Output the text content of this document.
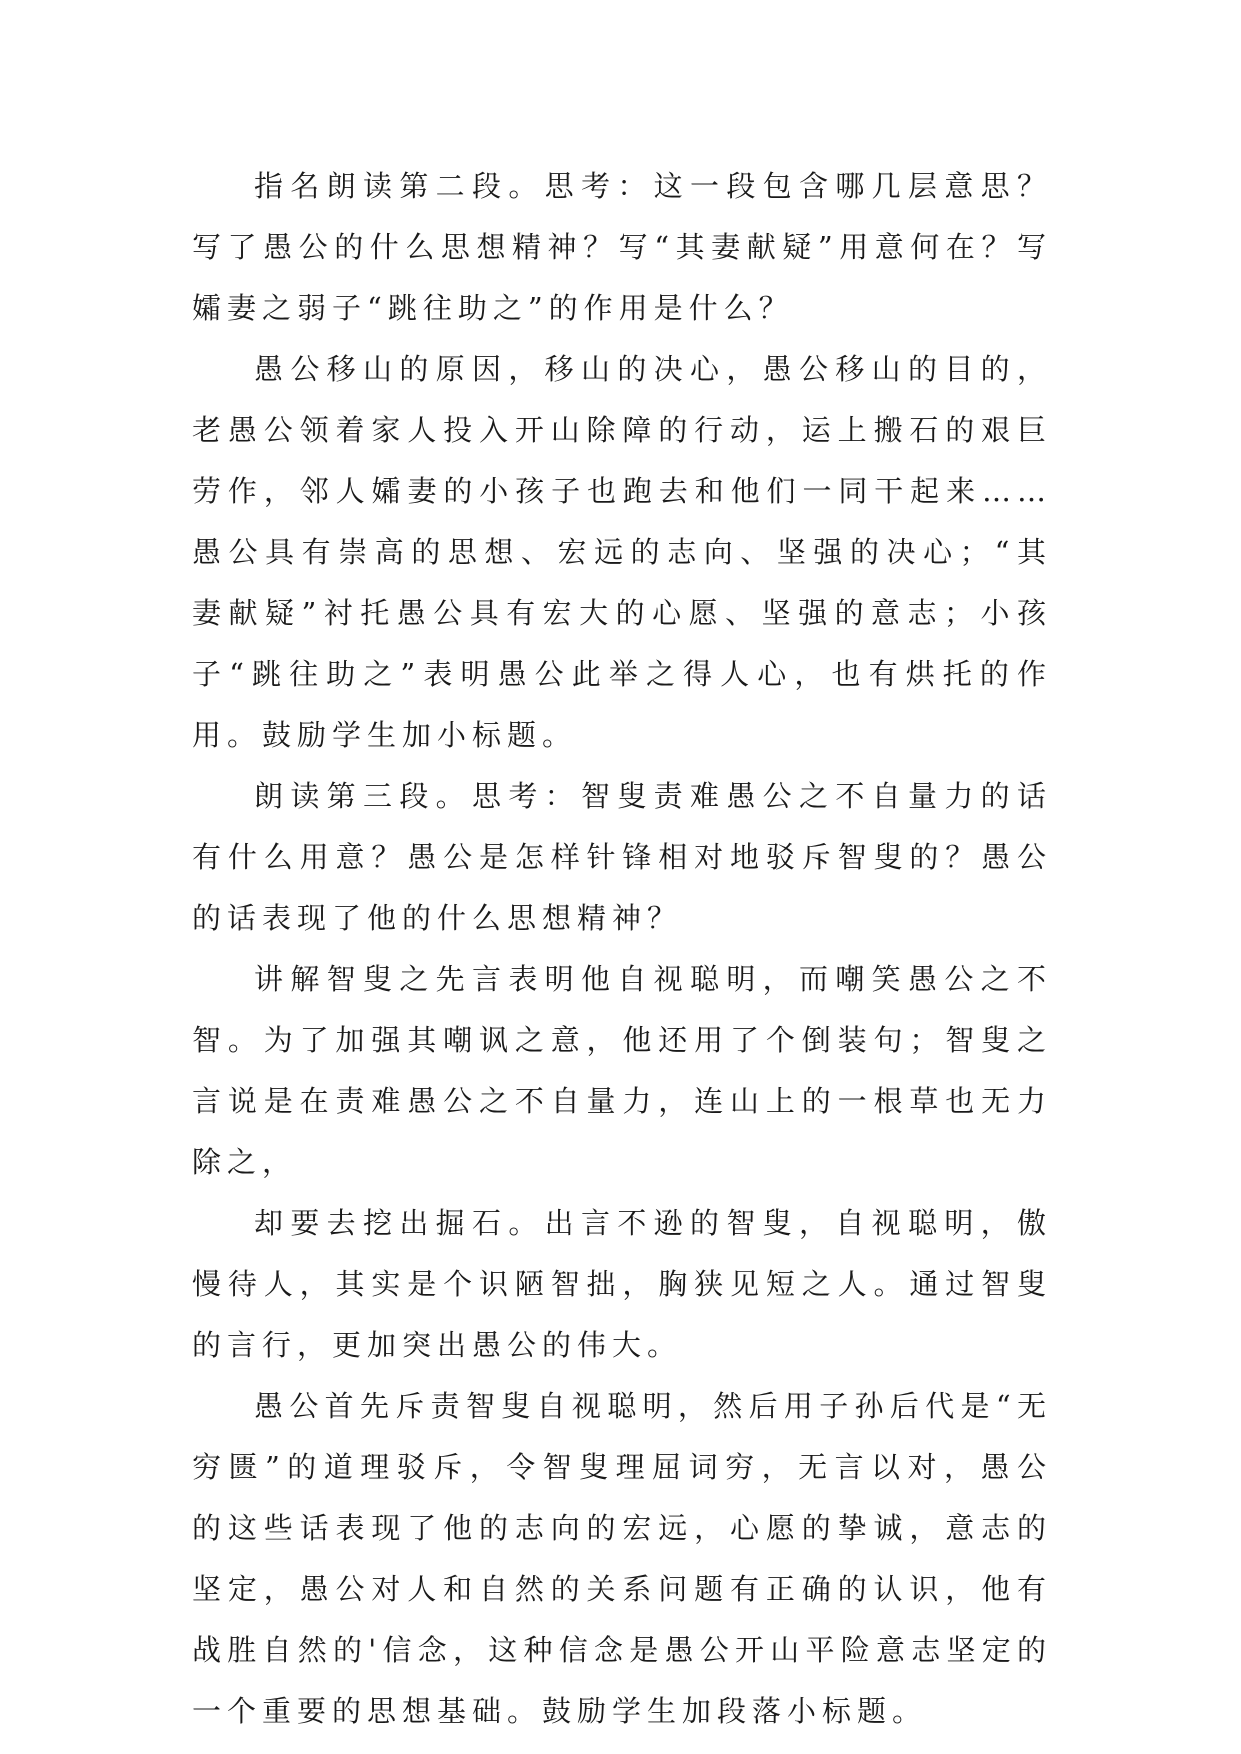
指名朗读第二段。思考：这一段包含哪几层意思？写了愚公的什么思想精神？写“其妻献疑”用意何在？写孀妻之弱子“跳往助之”的作用是什么？

愚公移山的原因，移山的决心，愚公移山的目的，老愚公领着家人投入开山除障的行动，运上搬石的艰巨劳作，邻人孀妻的小孩子也跑去和他们一同干起来……愚公具有崇高的思想、宏远的志向、坚强的决心；“其妻献疑”衬托愚公具有宏大的心愿、坚强的意志；小孩子“跳往助之”表明愚公此举之得人心，也有烘托的作用。鼓励学生加小标题。

朗读第三段。思考：智叟责难愚公之不自量力的话有什么用意？愚公是怎样针锋相对地驳斥智叟的？愚公的话表现了他的什么思想精神？

讲解智叟之先言表明他自视聪明，而嘲笑愚公之不智。为了加强其嘲讽之意，他还用了个倒装句；智叟之言说是在责难愚公之不自量力，连山上的一根草也无力除之，

却要去挖出掘石。出言不逊的智叟，自视聪明，傲慢待人，其实是个识陋智拙，胸狭见短之人。通过智叟的言行，更加突出愚公的伟大。

愚公首先斥责智叟自视聪明，然后用子孙后代是“无穷匮”的道理驳斥，令智叟理屈词穷，无言以对，愚公的这些话表现了他的志向的宏远，心愿的挚诚，意志的坚定，愚公对人和自然的关系问题有正确的认识，他有战胜自然的'信念，这种信念是愚公开山平险意志坚定的一个重要的思想基础。鼓励学生加段落小标题。
